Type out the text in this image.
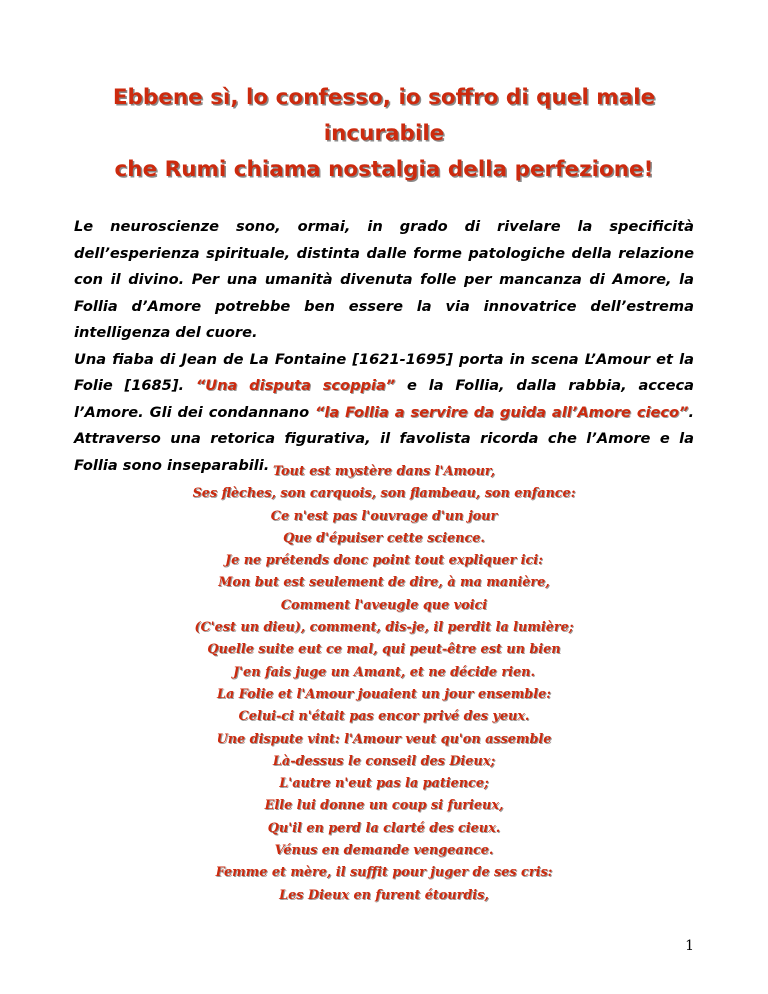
Ebbene sì, lo confesso, io soffro di quel male
incurabile
che Rumi chiama nostalgia della perfezione!

Le neuroscienze sono, ormai, in grado di rivelare la specificità dell’esperienza spirituale, distinta dalle forme patologiche della relazione con il divino. Per una umanità divenuta folle per mancanza di Amore, la Follia d’Amore potrebbe ben essere la via innovatrice dell’estrema intelligenza del cuore.

Una fiaba di Jean de La Fontaine [1621-1695] porta in scena L’Amour et la Folie [1685]. “Una disputa scoppia” e la Follia, dalla rabbia, acceca l’Amore. Gli dei condannano “la Follia a servire da guida all’Amore cieco”. Attraverso una retorica figurativa, il favolista ricorda che l’Amore e la Follia sono inseparabili. Tout est mystère dans l'Amour,
Ses flèches, son carquois, son flambeau, son enfance:
Ce n'est pas l'ouvrage d'un jour
Que d'épuiser cette science.
Je ne prétends donc point tout expliquer ici:
Mon but est seulement de dire, à ma manière,
Comment l'aveugle que voici
(C'est un dieu), comment, dis-je, il perdit la lumière;
Quelle suite eut ce mal, qui peut-être est un bien
J'en fais juge un Amant, et ne décide rien.
La Folie et l'Amour jouaient un jour ensemble:
Celui-ci n'était pas encor privé des yeux.
Une dispute vint: l'Amour veut qu'on assemble
Là-dessus le conseil des Dieux;
L'autre n'eut pas la patience;
Elle lui donne un coup si furieux,
Qu'il en perd la clarté des cieux.
Vénus en demande vengeance.
Femme et mère, il suffit pour juger de ses cris:
Les Dieux en furent étourdis,
1
